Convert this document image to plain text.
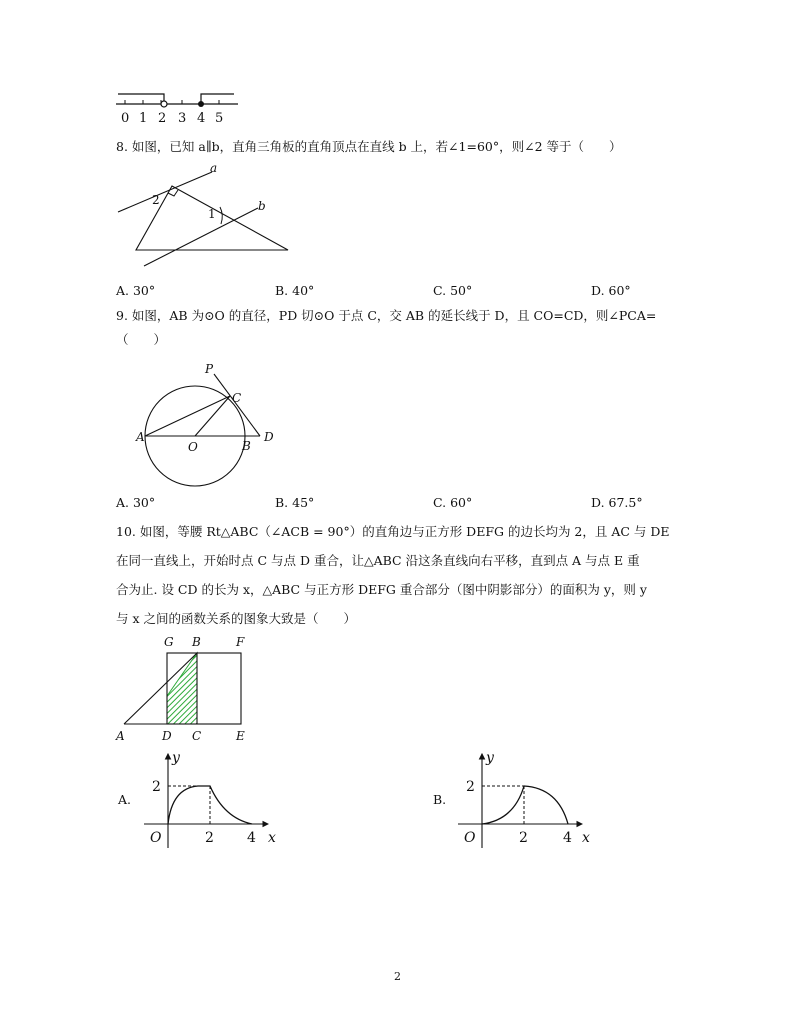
0 1 2 3 4 5
8. 如图，已知 a∥b，直角三角板的直角顶点在直线 b 上，若∠1=60°，则∠2 等于（　　）
a
b
1
2
A. 30°	B. 40°	C. 50°	D. 60°
9. 如图，AB 为⊙O 的直径，PD 切⊙O 于点 C，交 AB 的延长线于 D，且 CO=CD，则∠PCA=
（　　）
P
C
A
O	B
D
A. 30°	B. 45°	C. 60°	D. 67.5°
10. 如图，等腰 Rt△ABC（∠ACB = 90°）的直角边与正方形 DEFG 的边长均为 2，且 AC 与 DE
在同一直线上，开始时点 C 与点 D 重合，让△ABC 沿这条直线向右平移，直到点 A 与点 E 重
合为止. 设 CD 的长为 x，△ABC 与正方形 DEFG 重合部分（图中阴影部分）的面积为 y，则 y
与 x 之间的函数关系的图象大致是（　　）
G B	F
A	D C	E
A.
y
x
O
2
2 4
B.
y
x
O
2
2	4
2
